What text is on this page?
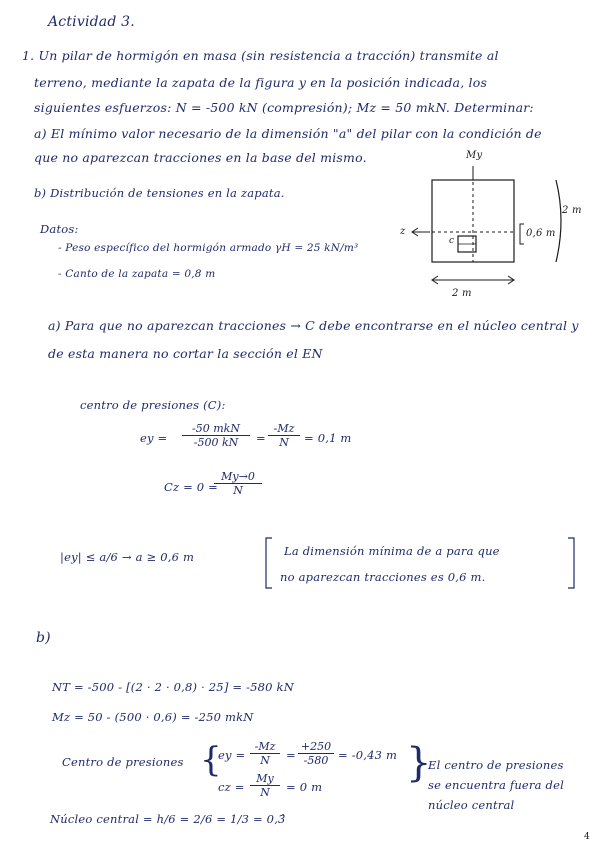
Actividad 3.
1. Un pilar de hormigón en masa (sin resistencia a tracción) transmite al
terreno, mediante la zapata de la figura y en la posición indicada, los
siguientes esfuerzos: N = -500 kN (compresión); Mz = 50 mkN. Determinar:
a) El mínimo valor necesario de la dimensión "a" del pilar con la condición de
que no aparezcan tracciones en la base del mismo.
b) Distribución de tensiones en la zapata.
Datos:
- Peso específico del hormigón armado γH = 25 kN/m³
- Canto de la zapata = 0,8 m
My
2 m
0,6 m
2 m
z
c
a) Para que no aparezcan tracciones → C debe encontrarse en el núcleo central y
de esta manera no cortar la sección el EN
centro de presiones (C):
ey =
-50 mkN
-500 kN	= $\frac{-Mz}{N} = 0,1$ m
Cz = 0 =
$\frac{My\to 0}{N}$
|ey| ≤ a/6 → a ≥ 0,6 m	La dimensión mínima de a para que
no aparezcan tracciones es 0,6 m.
b)
NT = -500 - [(2 · 2 · 0,8) · 25] = -580 kN
Mz = 50 - (500 · 0,6) = -250 mkN
Centro de presiones {
ey = $\frac{-Mz}{N} = \frac{+250}{-580} = -0,43$ m
cz = $\frac{My}{N} = 0$ m
}
El centro de presiones
se encuentra fuera del
núcleo central
Núcleo central = h/6 = 2/6 = 1/3 = 0,3̂
4
